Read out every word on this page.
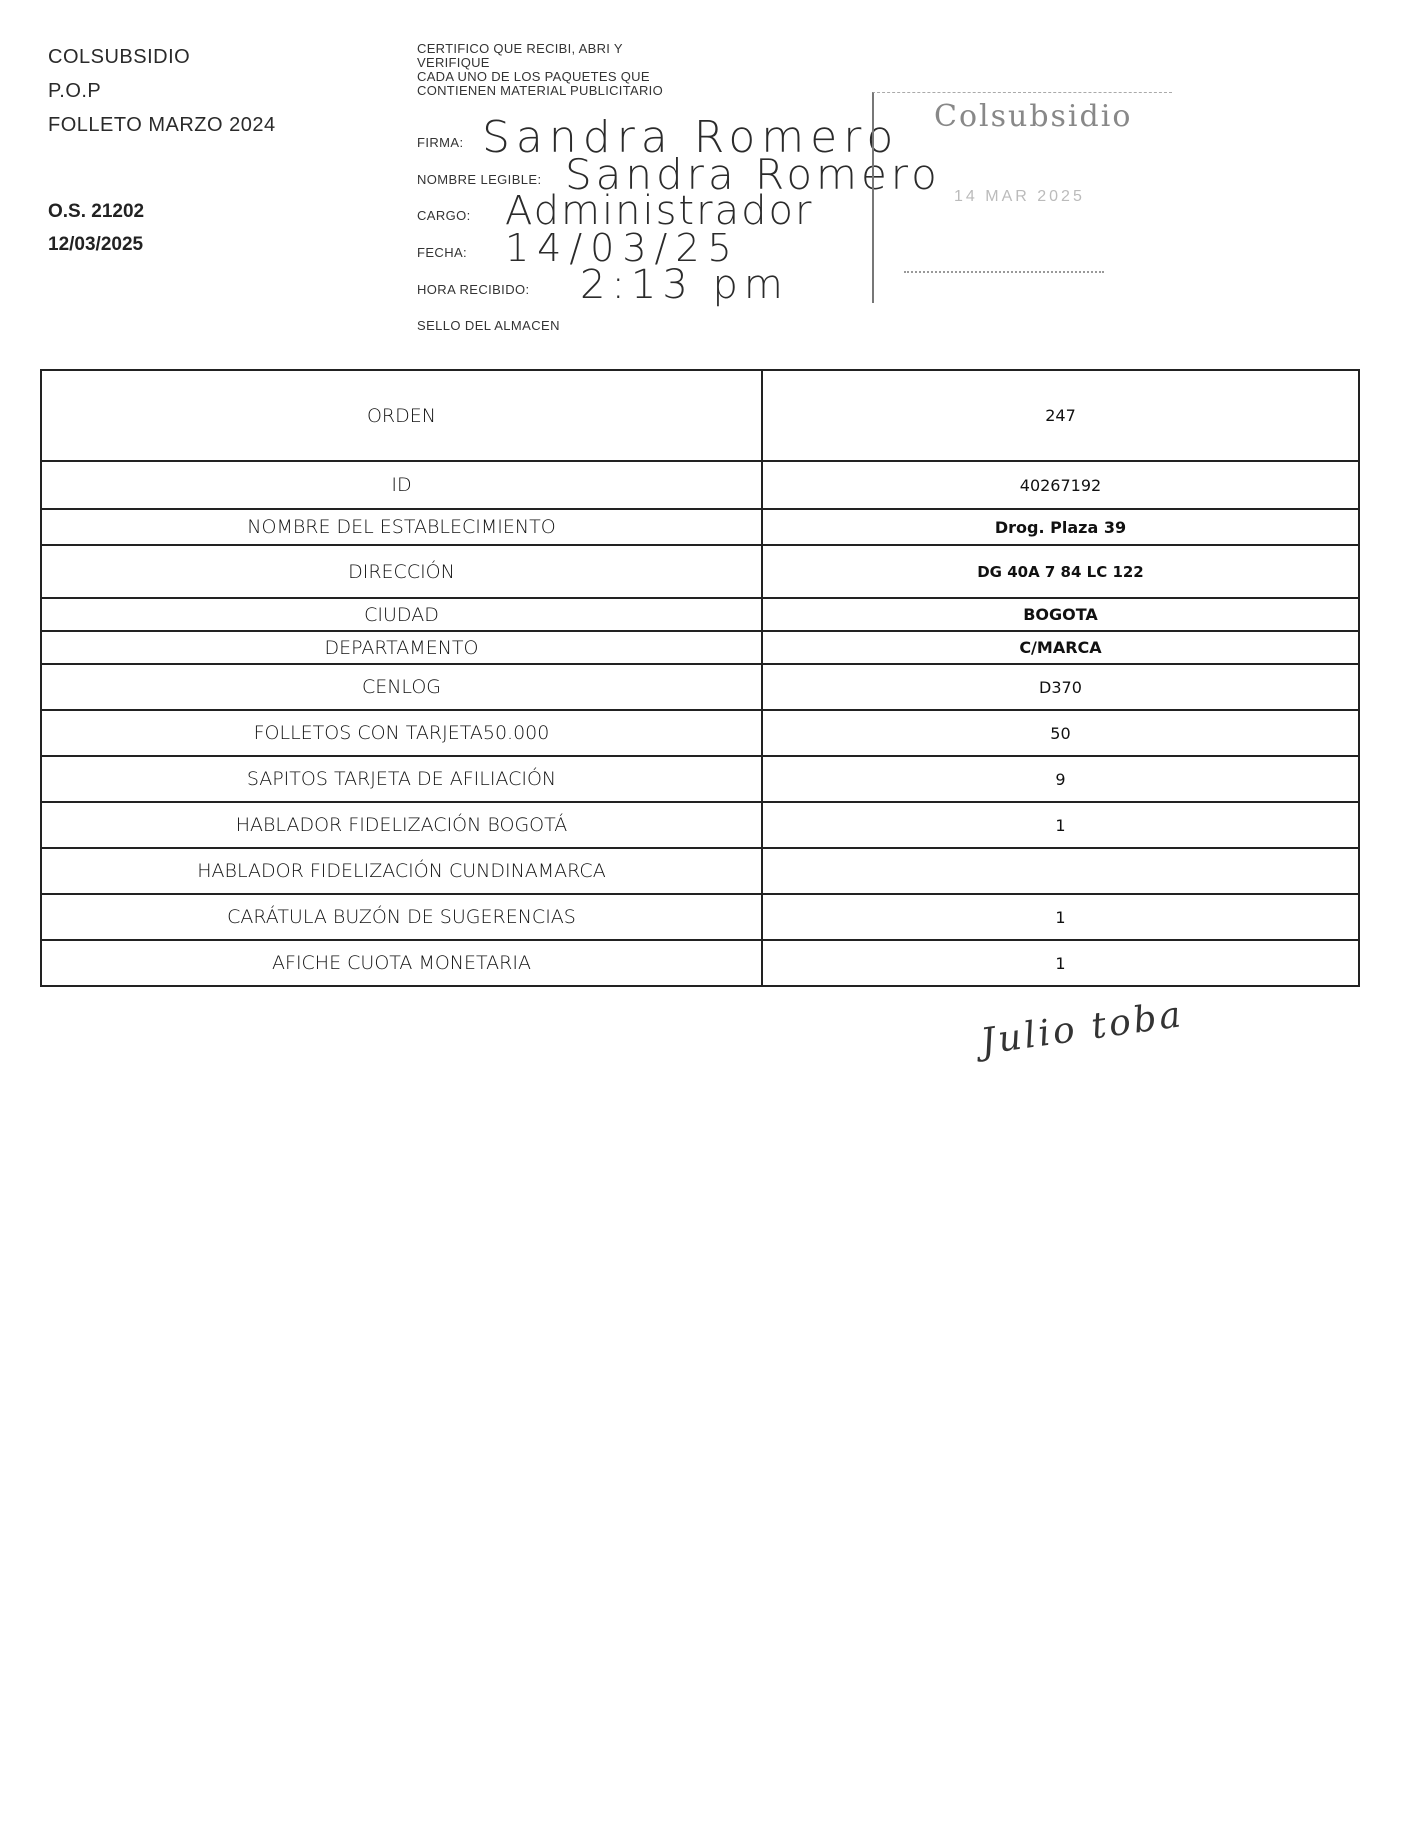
COLSUBSIDIO
P.O.P
FOLLETO MARZO 2024
O.S. 21202
12/03/2025
CERTIFICO QUE RECIBI, ABRI Y
VERIFIQUE
CADA UNO DE LOS PAQUETES QUE
CONTIENEN MATERIAL PUBLICITARIO
FIRMA: Sandra Romero
NOMBRE LEGIBLE: Sandra Romero
CARGO: Administrador
FECHA: 14/03/25
HORA RECIBIDO: 2:13 pm
SELLO DEL ALMACEN
Colsubsidio
14 MAR 2025
ORDEN	247
ID	40267192
NOMBRE DEL ESTABLECIMIENTO	Drog. Plaza 39
DIRECCIÓN	DG 40A 7 84 LC 122
CIUDAD	BOGOTA
DEPARTAMENTO	C/MARCA
CENLOG	D370
FOLLETOS CON TARJETA50.000	50
SAPITOS TARJETA DE AFILIACIÓN	9
HABLADOR FIDELIZACIÓN BOGOTÁ	1
HABLADOR FIDELIZACIÓN CUNDINAMARCA	
CARÁTULA BUZÓN DE SUGERENCIAS	1
AFICHE CUOTA MONETARIA	1
Julio toba
